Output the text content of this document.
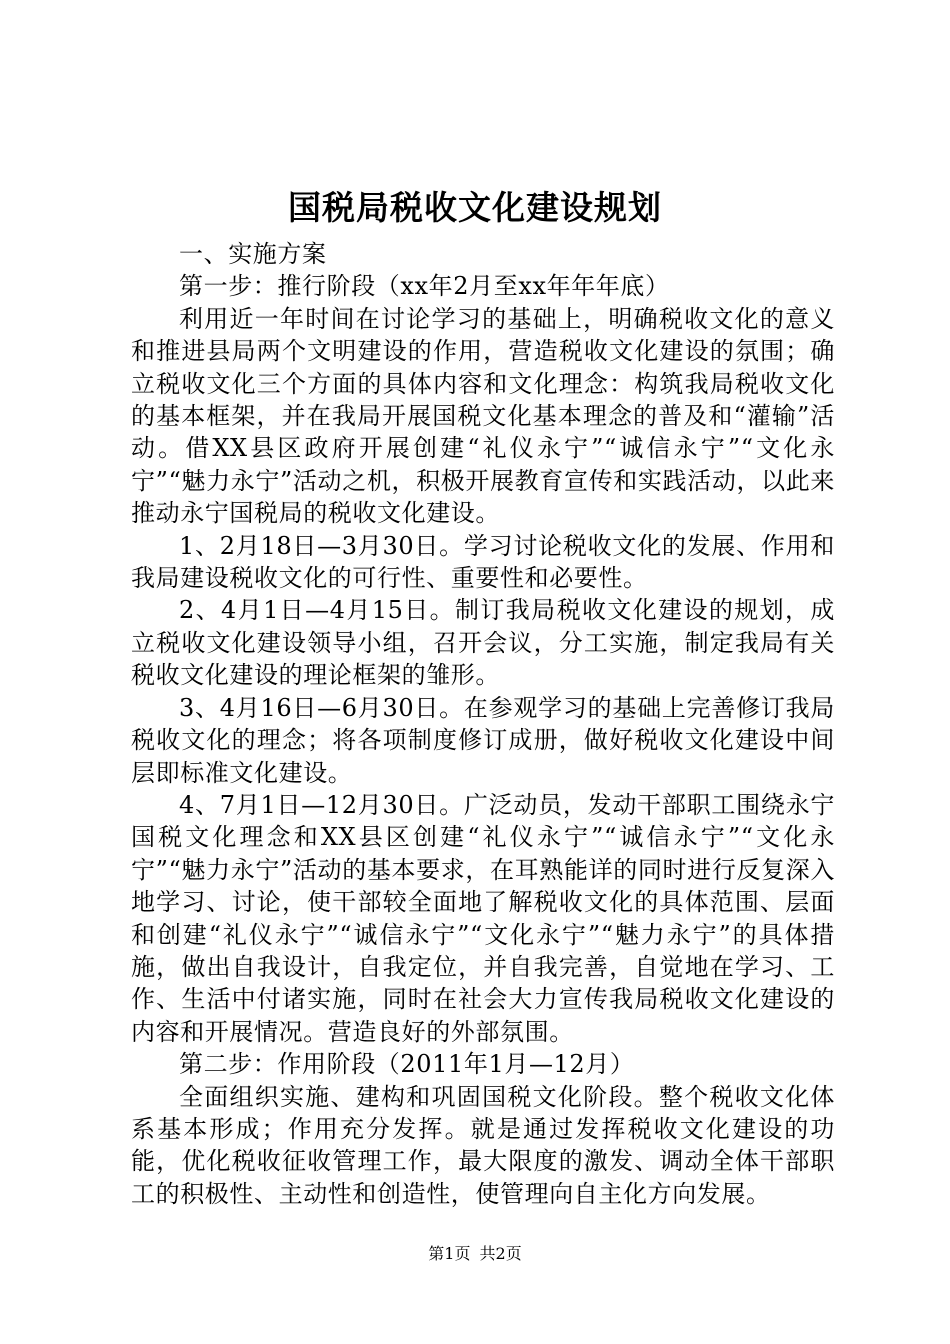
国税局税收文化建设规划

一、实施方案

第一步：推行阶段（xx年2月至xx年年年底）

利用近一年时间在讨论学习的基础上，明确税收文化的意义和推进县局两个文明建设的作用，营造税收文化建设的氛围；确立税收文化三个方面的具体内容和文化理念：构筑我局税收文化的基本框架，并在我局开展国税文化基本理念的普及和“灌输”活动。借XX县区政府开展创建“礼仪永宁”“诚信永宁”“文化永宁”“魅力永宁”活动之机，积极开展教育宣传和实践活动，以此来推动永宁国税局的税收文化建设。

1、2月18日—3月30日。学习讨论税收文化的发展、作用和我局建设税收文化的可行性、重要性和必要性。

2、4月1日—4月15日。制订我局税收文化建设的规划，成立税收文化建设领导小组，召开会议，分工实施，制定我局有关税收文化建设的理论框架的雏形。

3、4月16日—6月30日。在参观学习的基础上完善修订我局税收文化的理念；将各项制度修订成册，做好税收文化建设中间层即标准文化建设。

4、7月1日—12月30日。广泛动员，发动干部职工围绕永宁国税文化理念和XX县区创建“礼仪永宁”“诚信永宁”“文化永宁”“魅力永宁”活动的基本要求，在耳熟能详的同时进行反复深入地学习、讨论，使干部较全面地了解税收文化的具体范围、层面和创建“礼仪永宁”“诚信永宁”“文化永宁”“魅力永宁”的具体措施，做出自我设计，自我定位，并自我完善，自觉地在学习、工作、生活中付诸实施，同时在社会大力宣传我局税收文化建设的内容和开展情况。营造良好的外部氛围。

第二步：作用阶段（2011年1月—12月）

全面组织实施、建构和巩固国税文化阶段。整个税收文化体系基本形成；作用充分发挥。就是通过发挥税收文化建设的功能，优化税收征收管理工作，最大限度的激发、调动全体干部职工的积极性、主动性和创造性，使管理向自主化方向发展。

第1页 共2页
